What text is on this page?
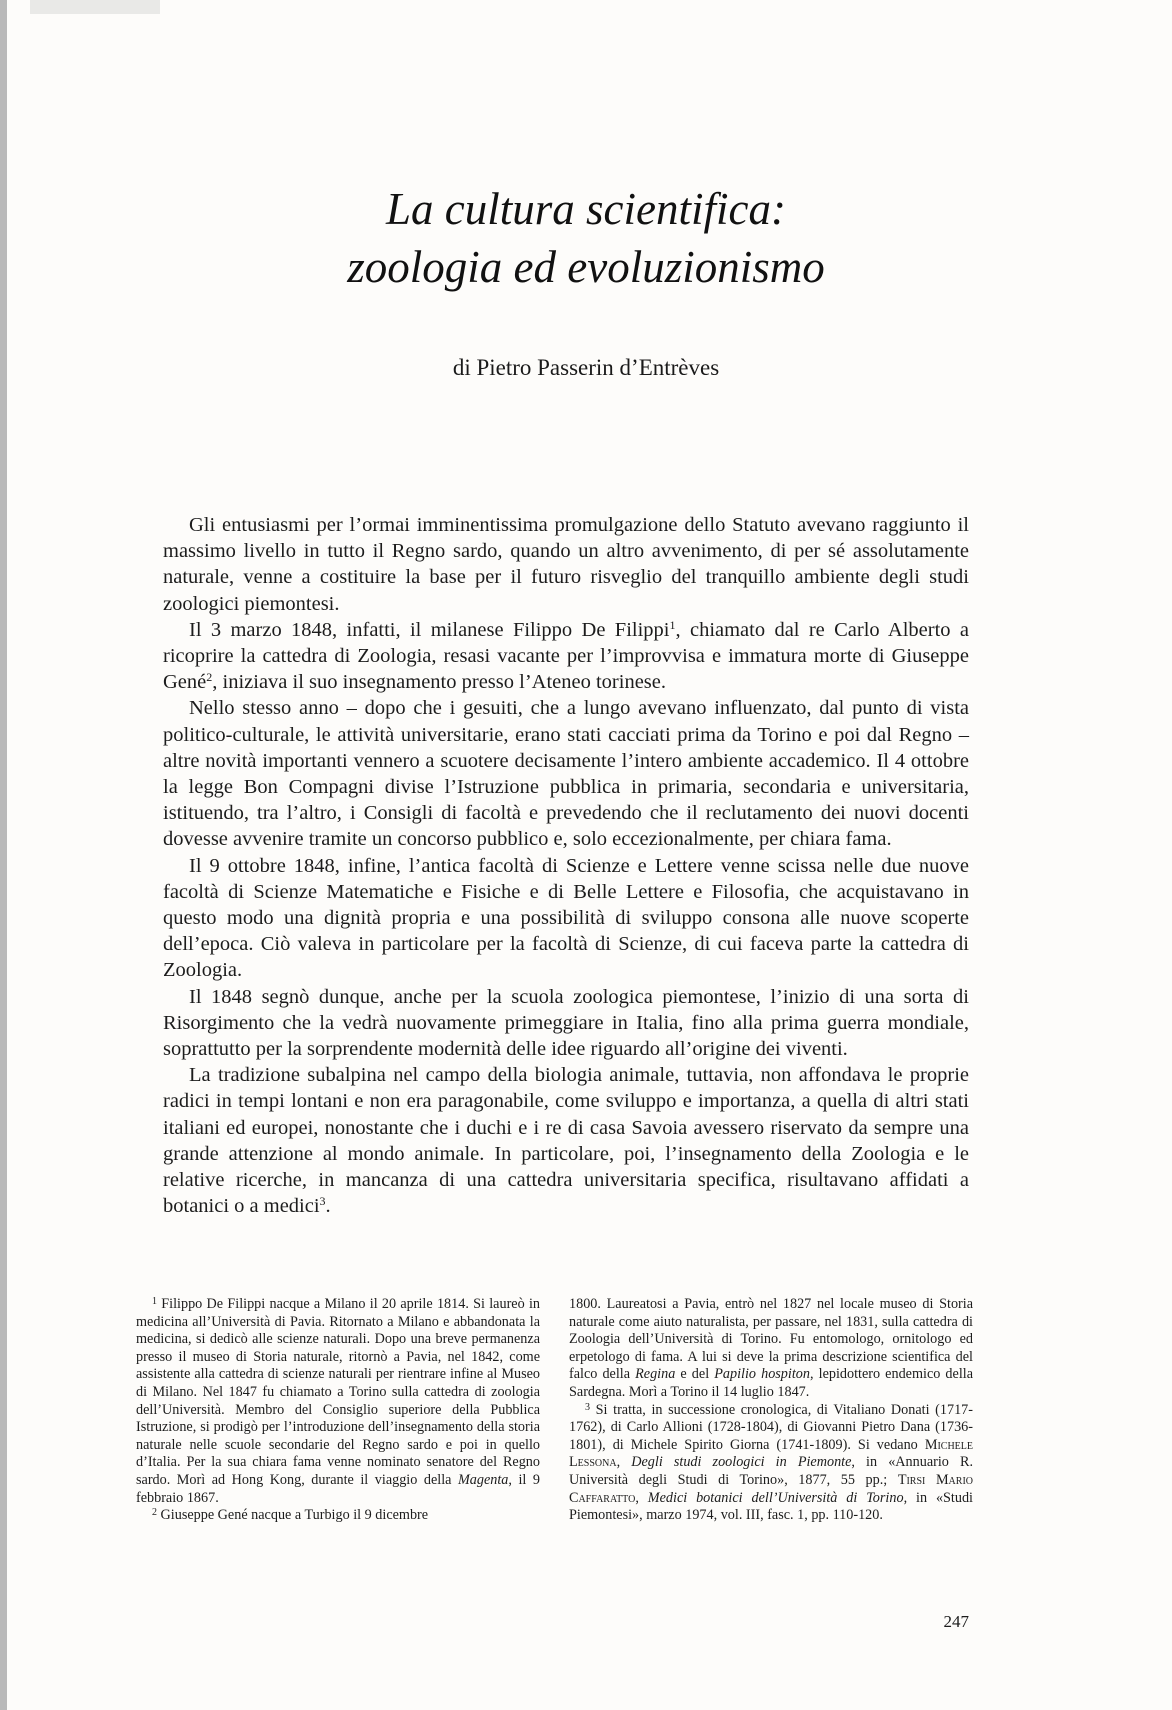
La cultura scientifica:
zoologia ed evoluzionismo
di Pietro Passerin d’Entrèves

Gli entusiasmi per l’ormai imminentissima promulgazione dello Statuto avevano raggiunto il massimo livello in tutto il Regno sardo, quando un altro avvenimento, di per sé assolutamente naturale, venne a costituire la base per il futuro risveglio del tranquillo ambiente degli studi zoologici piemontesi.

Il 3 marzo 1848, infatti, il milanese Filippo De Filippi$^1$, chiamato dal re Carlo Alberto a ricoprire la cattedra di Zoologia, resasi vacante per l’improvvisa e immatura morte di Giuseppe Gené$^2$, iniziava il suo insegnamento presso l’Ateneo torinese.

Nello stesso anno – dopo che i gesuiti, che a lungo avevano influenzato, dal punto di vista politico-culturale, le attività universitarie, erano stati cacciati prima da Torino e poi dal Regno – altre novità importanti vennero a scuotere decisamente l’intero ambiente accademico. Il 4 ottobre la legge Bon Compagni divise l’Istruzione pubblica in primaria, secondaria e universitaria, istituendo, tra l’altro, i Consigli di facoltà e prevedendo che il reclutamento dei nuovi docenti dovesse avvenire tramite un concorso pubblico e, solo eccezionalmente, per chiara fama.

Il 9 ottobre 1848, infine, l’antica facoltà di Scienze e Lettere venne scissa nelle due nuove facoltà di Scienze Matematiche e Fisiche e di Belle Lettere e Filosofia, che acquistavano in questo modo una dignità propria e una possibilità di sviluppo consona alle nuove scoperte dell’epoca. Ciò valeva in particolare per la facoltà di Scienze, di cui faceva parte la cattedra di Zoologia.

Il 1848 segnò dunque, anche per la scuola zoologica piemontese, l’inizio di una sorta di Risorgimento che la vedrà nuovamente primeggiare in Italia, fino alla prima guerra mondiale, soprattutto per la sorprendente modernità delle idee riguardo all’origine dei viventi.

La tradizione subalpina nel campo della biologia animale, tuttavia, non affondava le proprie radici in tempi lontani e non era paragonabile, come sviluppo e importanza, a quella di altri stati italiani ed europei, nonostante che i duchi e i re di casa Savoia avessero riservato da sempre una grande attenzione al mondo animale. In particolare, poi, l’insegnamento della Zoologia e le relative ricerche, in mancanza di una cattedra universitaria specifica, risultavano affidati a botanici o a medici$^3$.

$^1$ Filippo De Filippi nacque a Milano il 20 aprile 1814. Si laureò in medicina all’Università di Pavia. Ritornato a Milano e abbandonata la medicina, si dedicò alle scienze naturali. Dopo una breve permanenza presso il museo di Storia naturale, ritornò a Pavia, nel 1842, come assistente alla cattedra di scienze naturali per rientrare infine al Museo di Milano. Nel 1847 fu chiamato a Torino sulla cattedra di zoologia dell’Università. Membro del Consiglio superiore della Pubblica Istruzione, si prodigò per l’introduzione dell’insegnamento della storia naturale nelle scuole secondarie del Regno sardo e poi in quello d’Italia. Per la sua chiara fama venne nominato senatore del Regno sardo. Morì ad Hong Kong, durante il viaggio della Magenta, il 9 febbraio 1867.

$^2$ Giuseppe Gené nacque a Turbigo il 9 dicembre

1800. Laureatosi a Pavia, entrò nel 1827 nel locale museo di Storia naturale come aiuto naturalista, per passare, nel 1831, sulla cattedra di Zoologia dell’Università di Torino. Fu entomologo, ornitologo ed erpetologo di fama. A lui si deve la prima descrizione scientifica del falco della Regina e del Papilio hospiton, lepidottero endemico della Sardegna. Morì a Torino il 14 luglio 1847.

$^3$ Si tratta, in successione cronologica, di Vitaliano Donati (1717-1762), di Carlo Allioni (1728-1804), di Giovanni Pietro Dana (1736-1801), di Michele Spirito Giorna (1741-1809). Si vedano Michele Lessona, Degli studi zoologici in Piemonte, in «Annuario R. Università degli Studi di Torino», 1877, 55 pp.; Tirsi Mario Caffaratto, Medici botanici dell’Università di Torino, in «Studi Piemontesi», marzo 1974, vol. III, fasc. 1, pp. 110-120.

247
